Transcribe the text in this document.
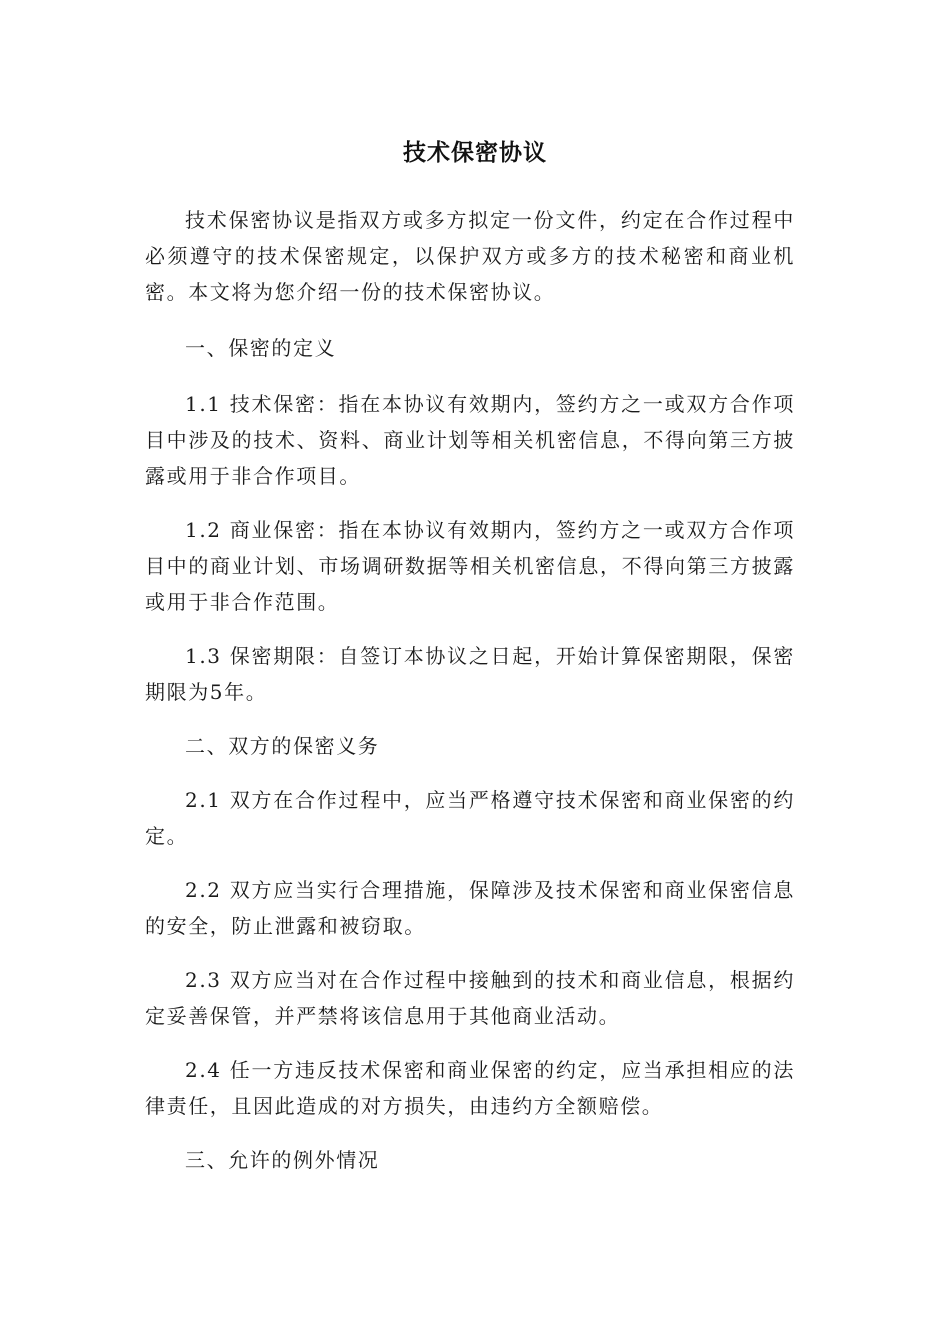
技术保密协议

技术保密协议是指双方或多方拟定一份文件，约定在合作过程中必须遵守的技术保密规定，以保护双方或多方的技术秘密和商业机密。本文将为您介绍一份的技术保密协议。

一、保密的定义

1.1 技术保密：指在本协议有效期内，签约方之一或双方合作项目中涉及的技术、资料、商业计划等相关机密信息，不得向第三方披露或用于非合作项目。

1.2 商业保密：指在本协议有效期内，签约方之一或双方合作项目中的商业计划、市场调研数据等相关机密信息，不得向第三方披露或用于非合作范围。

1.3 保密期限：自签订本协议之日起，开始计算保密期限，保密期限为5年。

二、双方的保密义务

2.1 双方在合作过程中，应当严格遵守技术保密和商业保密的约定。

2.2 双方应当实行合理措施，保障涉及技术保密和商业保密信息的安全，防止泄露和被窃取。

2.3 双方应当对在合作过程中接触到的技术和商业信息，根据约定妥善保管，并严禁将该信息用于其他商业活动。

2.4 任一方违反技术保密和商业保密的约定，应当承担相应的法律责任，且因此造成的对方损失，由违约方全额赔偿。

三、允许的例外情况
